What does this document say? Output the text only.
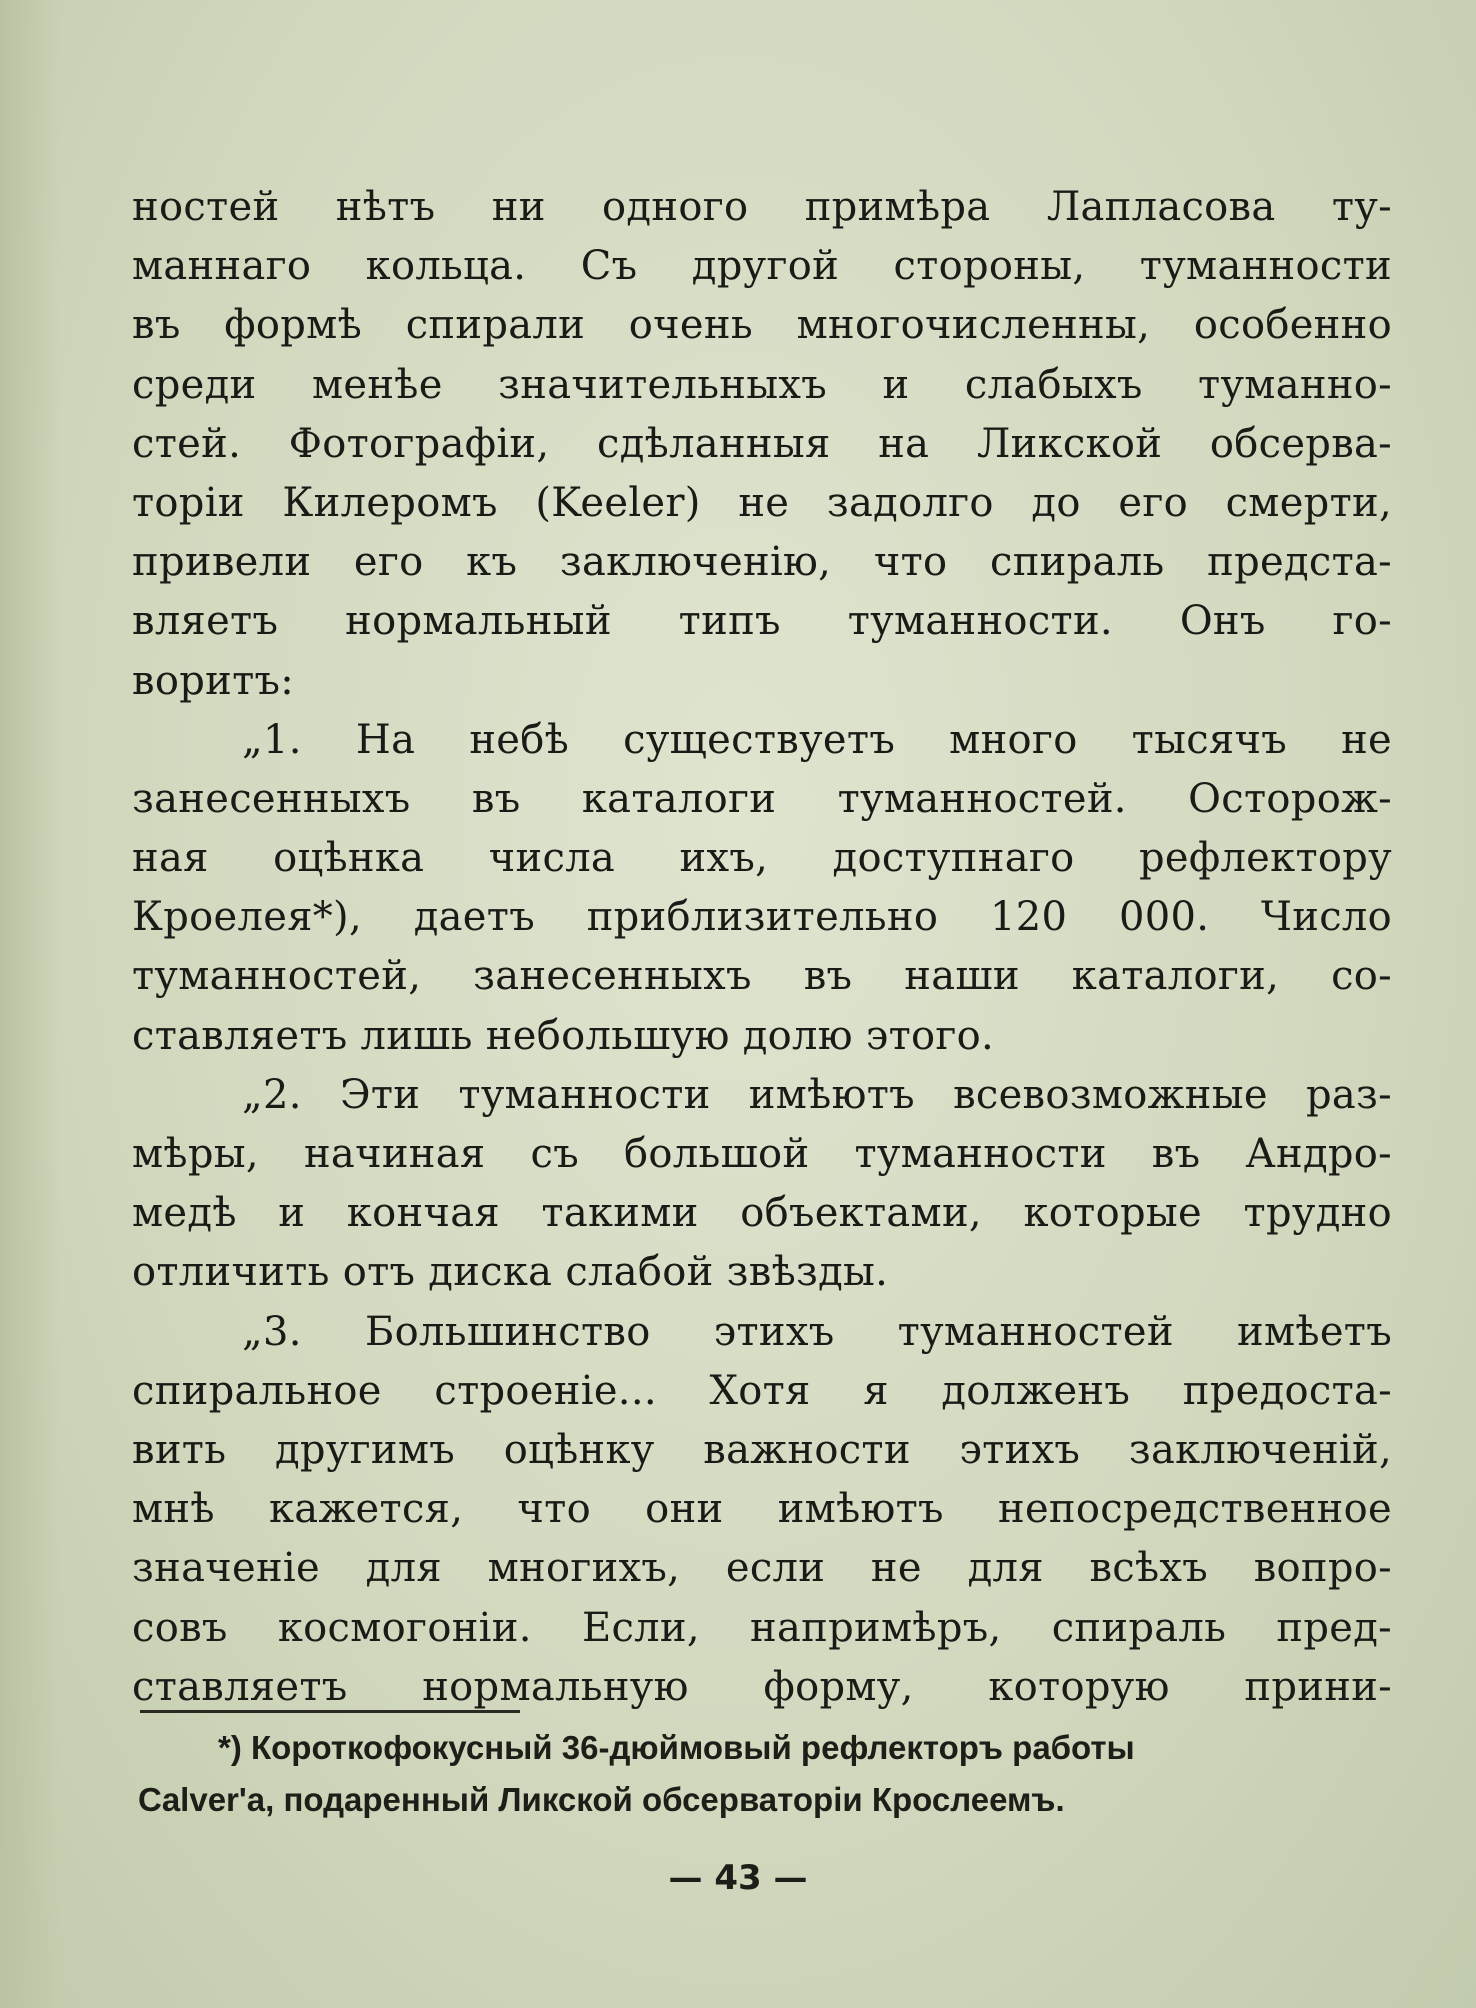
ностей нѣтъ ни одного примѣра Лапласова ту-
маннаго кольца. Съ другой стороны, туманности
въ формѣ спирали очень многочисленны, особенно
среди менѣе значительныхъ и слабыхъ туманно-
стей. Фотографіи, сдѣланныя на Ликской обсерва-
торіи Килеромъ (Keeler) не задолго до его смерти,
привели его къ заключенію, что спираль предста-
вляетъ нормальный типъ туманности. Онъ го-
воритъ:
„1. На небѣ существуетъ много тысячъ не
занесенныхъ въ каталоги туманностей. Осторож-
ная оцѣнка числа ихъ, доступнаго рефлектору
Кроелея*), даетъ приблизительно 120 000. Число
туманностей, занесенныхъ въ наши каталоги, со-
ставляетъ лишь небольшую долю этого.
„2. Эти туманности имѣютъ всевозможные раз-
мѣры, начиная съ большой туманности въ Андро-
медѣ и кончая такими объектами, которые трудно
отличить отъ диска слабой звѣзды.
„3. Большинство этихъ туманностей имѣетъ
спиральное строеніе... Хотя я долженъ предоста-
вить другимъ оцѣнку важности этихъ заключеній,
мнѣ кажется, что они имѣютъ непосредственное
значеніе для многихъ, если не для всѣхъ вопро-
совъ космогоніи. Если, напримѣръ, спираль пред-
ставляетъ нормальную форму, которую прини-
*) Короткофокусный 36-дюймовый рефлекторъ работы
Calver'a, подаренный Ликской обсерваторіи Крослеемъ.
— 43 —
